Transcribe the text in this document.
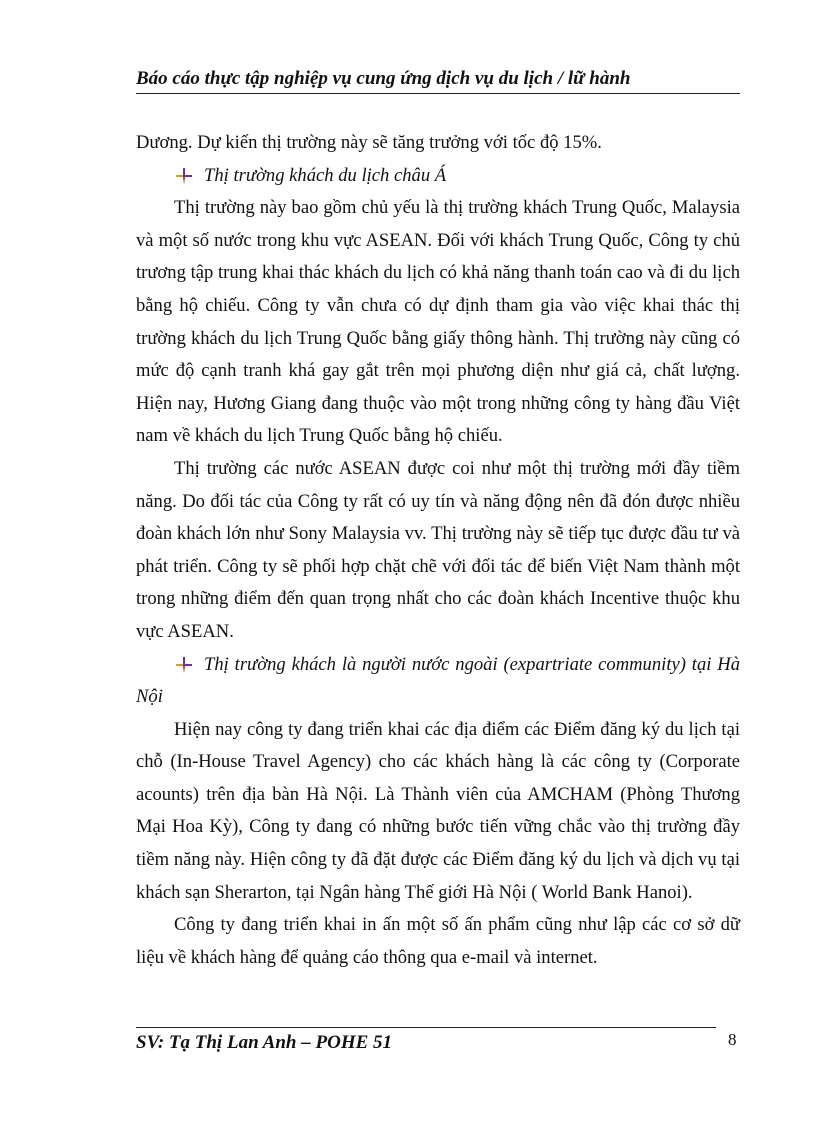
Báo cáo thực tập nghiệp vụ cung ứng dịch vụ du lịch / lữ hành

Dương. Dự kiến thị trường này sẽ tăng trưởng với tốc độ 15%.

Thị trường khách du lịch châu Á

Thị trường này bao gồm chủ yếu là thị trường khách Trung Quốc, Malaysia và một số nước trong khu vực ASEAN. Đối với khách Trung Quốc, Công ty chủ trương tập trung khai thác khách du lịch có khả năng thanh toán cao và đi du lịch bằng hộ chiếu. Công ty vẫn chưa có dự định tham gia vào việc khai thác thị trường khách du lịch Trung Quốc bằng giấy thông hành. Thị trường này cũng có mức độ cạnh tranh khá gay gắt trên mọi phương diện như giá cả, chất lượng. Hiện nay, Hương Giang đang thuộc vào một trong những công ty hàng đầu Việt nam về khách du lịch Trung Quốc bằng hộ chiếu.

Thị trường các nước ASEAN được coi như một thị trường mới đầy tiềm năng. Do đối tác của Công ty rất có uy tín và năng động nên đã đón được nhiều đoàn khách lớn như Sony Malaysia vv. Thị trường này sẽ tiếp tục được đầu tư và phát triển. Công ty sẽ phối hợp chặt chẽ với đối tác để biến Việt Nam thành một trong những điểm đến quan trọng nhất cho các đoàn khách Incentive thuộc khu vực ASEAN.

Thị trường khách là người nước ngoài (expartriate community) tại Hà Nội

Hiện nay công ty đang triển khai các địa điểm các Điểm đăng ký du lịch tại chỗ (In-House Travel Agency) cho các khách hàng là các công ty (Corporate acounts) trên địa bàn Hà Nội. Là Thành viên của AMCHAM (Phòng Thương Mại Hoa Kỳ), Công ty đang có những bước tiến vững chắc vào thị trường đầy tiềm năng này. Hiện công ty đã đặt được các Điểm đăng ký du lịch và dịch vụ tại khách sạn Sherarton, tại Ngân hàng Thế giới Hà Nội ( World Bank Hanoi).

Công ty đang triển khai in ấn một số ấn phẩm cũng như lập các cơ sở dữ liệu về khách hàng để quảng cáo thông qua e-mail và internet.

SV: Tạ Thị Lan Anh – POHE 51	8
